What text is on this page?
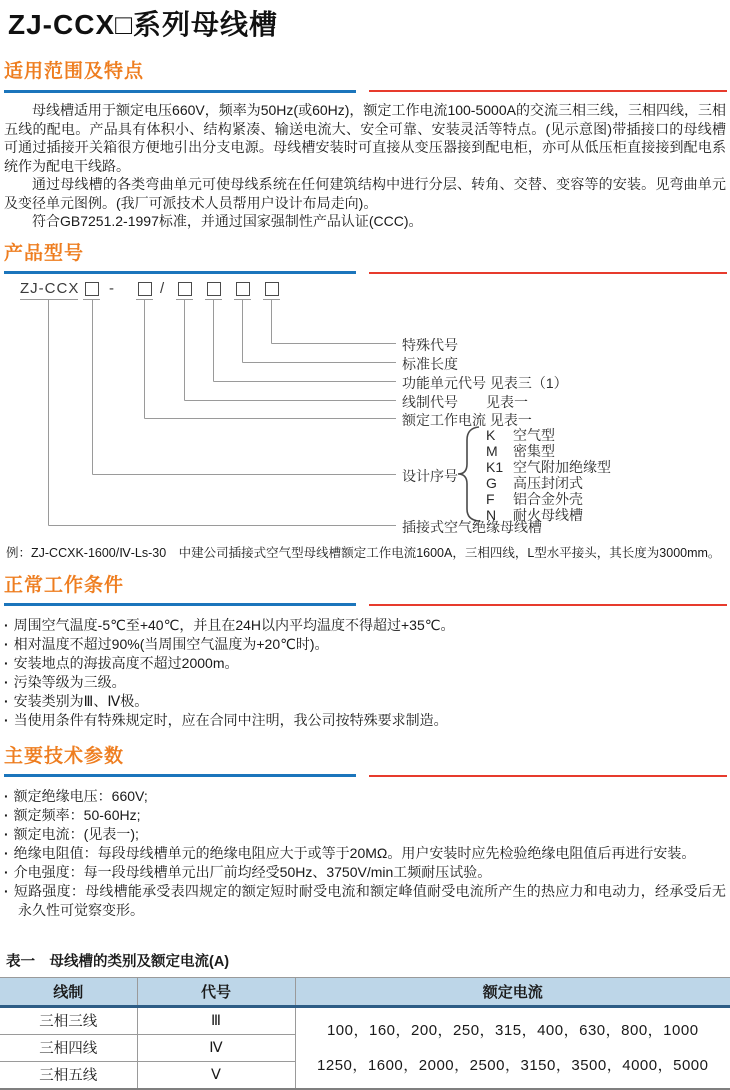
ZJ-CCX□系列母线槽
适用范围及特点

母线槽适用于额定电压660V，频率为50Hz(或60Hz)，额定工作电流100-5000A的交流三相三线，三相四线，三相五线的配电。产品具有体积小、结构紧凑、输送电流大、安全可靠、安装灵活等特点。(见示意图)带插接口的母线槽可通过插接开关箱很方便地引出分支电源。母线槽安装时可直接从变压器接到配电柜，亦可从低压柜直接接到配电系统作为配电干线路。

通过母线槽的各类弯曲单元可使母线系统在任何建筑结构中进行分层、转角、交替、变容等的安装。见弯曲单元及变径单元图例。(我厂可派技术人员帮用户设计布局走向)。

符合GB7251.2-1997标准，并通过国家强制性产品认证(CCC)。

产品型号
ZJ-CCX -	/
特殊代号
标准长度
功能单元代号 见表三（1）
线制代号　　见表一
额定工作电流 见表一
设计序号
K 空气型
M 密集型
K1 空气附加绝缘型
G 高压封闭式
F 铝合金外壳
N 耐火母线槽
插接式空气绝缘母线槽

例：ZJ-CCXK-1600/Ⅳ-Ls-30　中建公司插接式空气型母线槽额定工作电流1600A，三相四线，L型水平接头，其长度为3000mm。

正常工作条件
· 周围空气温度-5℃至+40℃，并且在24H以内平均温度不得超过+35℃。
· 相对温度不超过90%(当周围空气温度为+20℃时)。
· 安装地点的海拔高度不超过2000m。
· 污染等级为三级。
· 安装类别为Ⅲ、Ⅳ极。
· 当使用条件有特殊规定时，应在合同中注明，我公司按特殊要求制造。
主要技术参数
· 额定绝缘电压：660V;
· 额定频率：50-60Hz;
· 额定电流：(见表一);
· 绝缘电阻值：每段母线槽单元的绝缘电阻应大于或等于20MΩ。用户安装时应先检验绝缘电阻值后再进行安装。
· 介电强度：每一段母线槽单元出厂前均经受50Hz、3750V/min工频耐压试验。
· 短路强度：母线槽能承受表四规定的额定短时耐受电流和额定峰值耐受电流所产生的热应力和电动力，经承受后无永久性可觉察变形。

表一　母线槽的类别及额定电流(A)

线制	代号	额定电流
三相三线	Ⅲ	100，160，200，250，315，400，630，800，1000
1250，1600，2000，2500，3150，3500，4000，5000

三相四线	Ⅳ	
三相五线	Ⅴ	
